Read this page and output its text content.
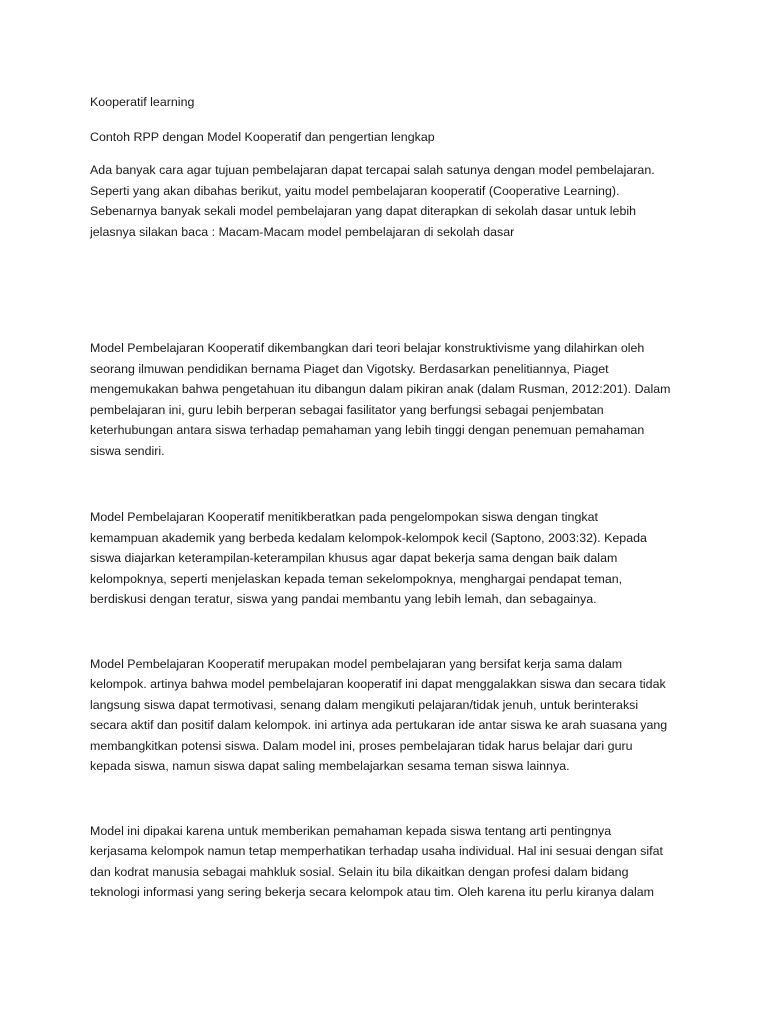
Kooperatif learning

Contoh RPP dengan Model Kooperatif dan pengertian lengkap

Ada banyak cara agar tujuan pembelajaran dapat tercapai salah satunya dengan model pembelajaran.

Seperti yang akan dibahas berikut, yaitu model pembelajaran kooperatif (Cooperative Learning).

Sebenarnya banyak sekali model pembelajaran yang dapat diterapkan di sekolah dasar untuk lebih

jelasnya silakan baca : Macam-Macam model pembelajaran di sekolah dasar

Model Pembelajaran Kooperatif dikembangkan dari teori belajar konstruktivisme yang dilahirkan oleh

seorang ilmuwan pendidikan bernama Piaget dan Vigotsky. Berdasarkan penelitiannya, Piaget

mengemukakan bahwa pengetahuan itu dibangun dalam pikiran anak (dalam Rusman, 2012:201). Dalam

pembelajaran ini, guru lebih berperan sebagai fasilitator yang berfungsi sebagai penjembatan

keterhubungan antara siswa terhadap pemahaman yang lebih tinggi dengan penemuan pemahaman

siswa sendiri.

Model Pembelajaran Kooperatif menitikberatkan pada pengelompokan siswa dengan tingkat

kemampuan akademik yang berbeda kedalam kelompok-kelompok kecil (Saptono, 2003:32). Kepada

siswa diajarkan keterampilan-keterampilan khusus agar dapat bekerja sama dengan baik dalam

kelompoknya, seperti menjelaskan kepada teman sekelompoknya, menghargai pendapat teman,

berdiskusi dengan teratur, siswa yang pandai membantu yang lebih lemah, dan sebagainya.

Model Pembelajaran Kooperatif merupakan model pembelajaran yang bersifat kerja sama dalam

kelompok. artinya bahwa model pembelajaran kooperatif ini dapat menggalakkan siswa dan secara tidak

langsung siswa dapat termotivasi, senang dalam mengikuti pelajaran/tidak jenuh, untuk berinteraksi

secara aktif dan positif dalam kelompok. ini artinya ada pertukaran ide antar siswa ke arah suasana yang

membangkitkan potensi siswa. Dalam model ini, proses pembelajaran tidak harus belajar dari guru

kepada siswa, namun siswa dapat saling membelajarkan sesama teman siswa lainnya.

Model ini dipakai karena untuk memberikan pemahaman kepada siswa tentang arti pentingnya

kerjasama kelompok namun tetap memperhatikan terhadap usaha individual. Hal ini sesuai dengan sifat

dan kodrat manusia sebagai mahkluk sosial. Selain itu bila dikaitkan dengan profesi dalam bidang

teknologi informasi yang sering bekerja secara kelompok atau tim. Oleh karena itu perlu kiranya dalam
